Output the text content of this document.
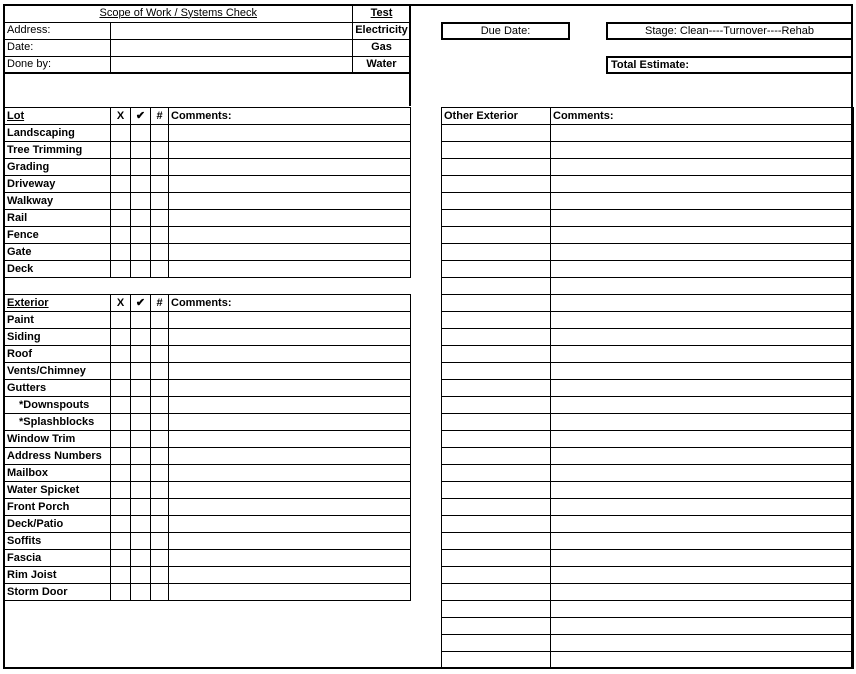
Scope of Work / Systems Check		Test
Address:		Electricity
Date:		Gas
Done by:		Water
Due Date:	Stage: Clean----Turnover----Rehab
Total Estimate:
Lot	X	✔	#	Comments:
Landscaping				
Tree Trimming				
Grading				
Driveway				
Walkway				
Rail				
Fence				
Gate				
Deck				
Exterior	X	✔	#	Comments:
Paint				
Siding				
Roof				
Vents/Chimney				
Gutters				
*Downspouts				
*Splashblocks				
Window Trim				
Address Numbers				
Mailbox				
Water Spicket				
Front Porch				
Deck/Patio				
Soffits				
Fascia				
Rim Joist				
Storm Door				
Other Exterior	Comments:
